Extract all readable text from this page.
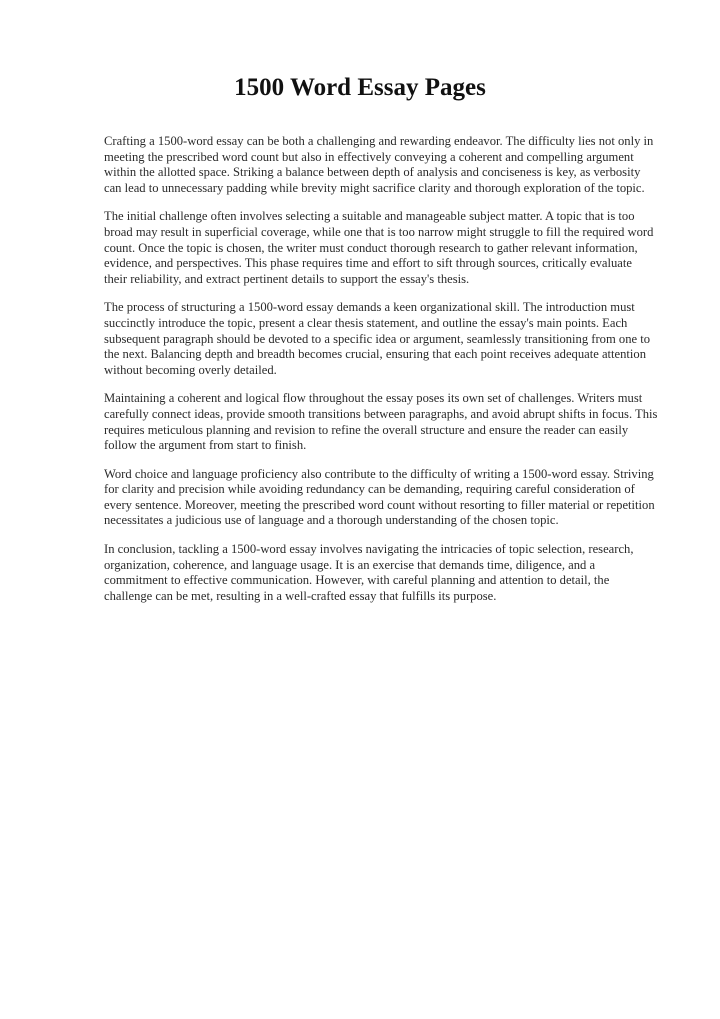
1500 Word Essay Pages

Crafting a 1500-word essay can be both a challenging and rewarding endeavor. The difficulty lies not only in meeting the prescribed word count but also in effectively conveying a coherent and compelling argument within the allotted space. Striking a balance between depth of analysis and conciseness is key, as verbosity can lead to unnecessary padding while brevity might sacrifice clarity and thorough exploration of the topic.

The initial challenge often involves selecting a suitable and manageable subject matter. A topic that is too broad may result in superficial coverage, while one that is too narrow might struggle to fill the required word count. Once the topic is chosen, the writer must conduct thorough research to gather relevant information, evidence, and perspectives. This phase requires time and effort to sift through sources, critically evaluate their reliability, and extract pertinent details to support the essay's thesis.

The process of structuring a 1500-word essay demands a keen organizational skill. The introduction must succinctly introduce the topic, present a clear thesis statement, and outline the essay's main points. Each subsequent paragraph should be devoted to a specific idea or argument, seamlessly transitioning from one to the next. Balancing depth and breadth becomes crucial, ensuring that each point receives adequate attention without becoming overly detailed.

Maintaining a coherent and logical flow throughout the essay poses its own set of challenges. Writers must carefully connect ideas, provide smooth transitions between paragraphs, and avoid abrupt shifts in focus. This requires meticulous planning and revision to refine the overall structure and ensure the reader can easily follow the argument from start to finish.

Word choice and language proficiency also contribute to the difficulty of writing a 1500-word essay. Striving for clarity and precision while avoiding redundancy can be demanding, requiring careful consideration of every sentence. Moreover, meeting the prescribed word count without resorting to filler material or repetition necessitates a judicious use of language and a thorough understanding of the chosen topic.

In conclusion, tackling a 1500-word essay involves navigating the intricacies of topic selection, research, organization, coherence, and language usage. It is an exercise that demands time, diligence, and a commitment to effective communication. However, with careful planning and attention to detail, the challenge can be met, resulting in a well-crafted essay that fulfills its purpose.
